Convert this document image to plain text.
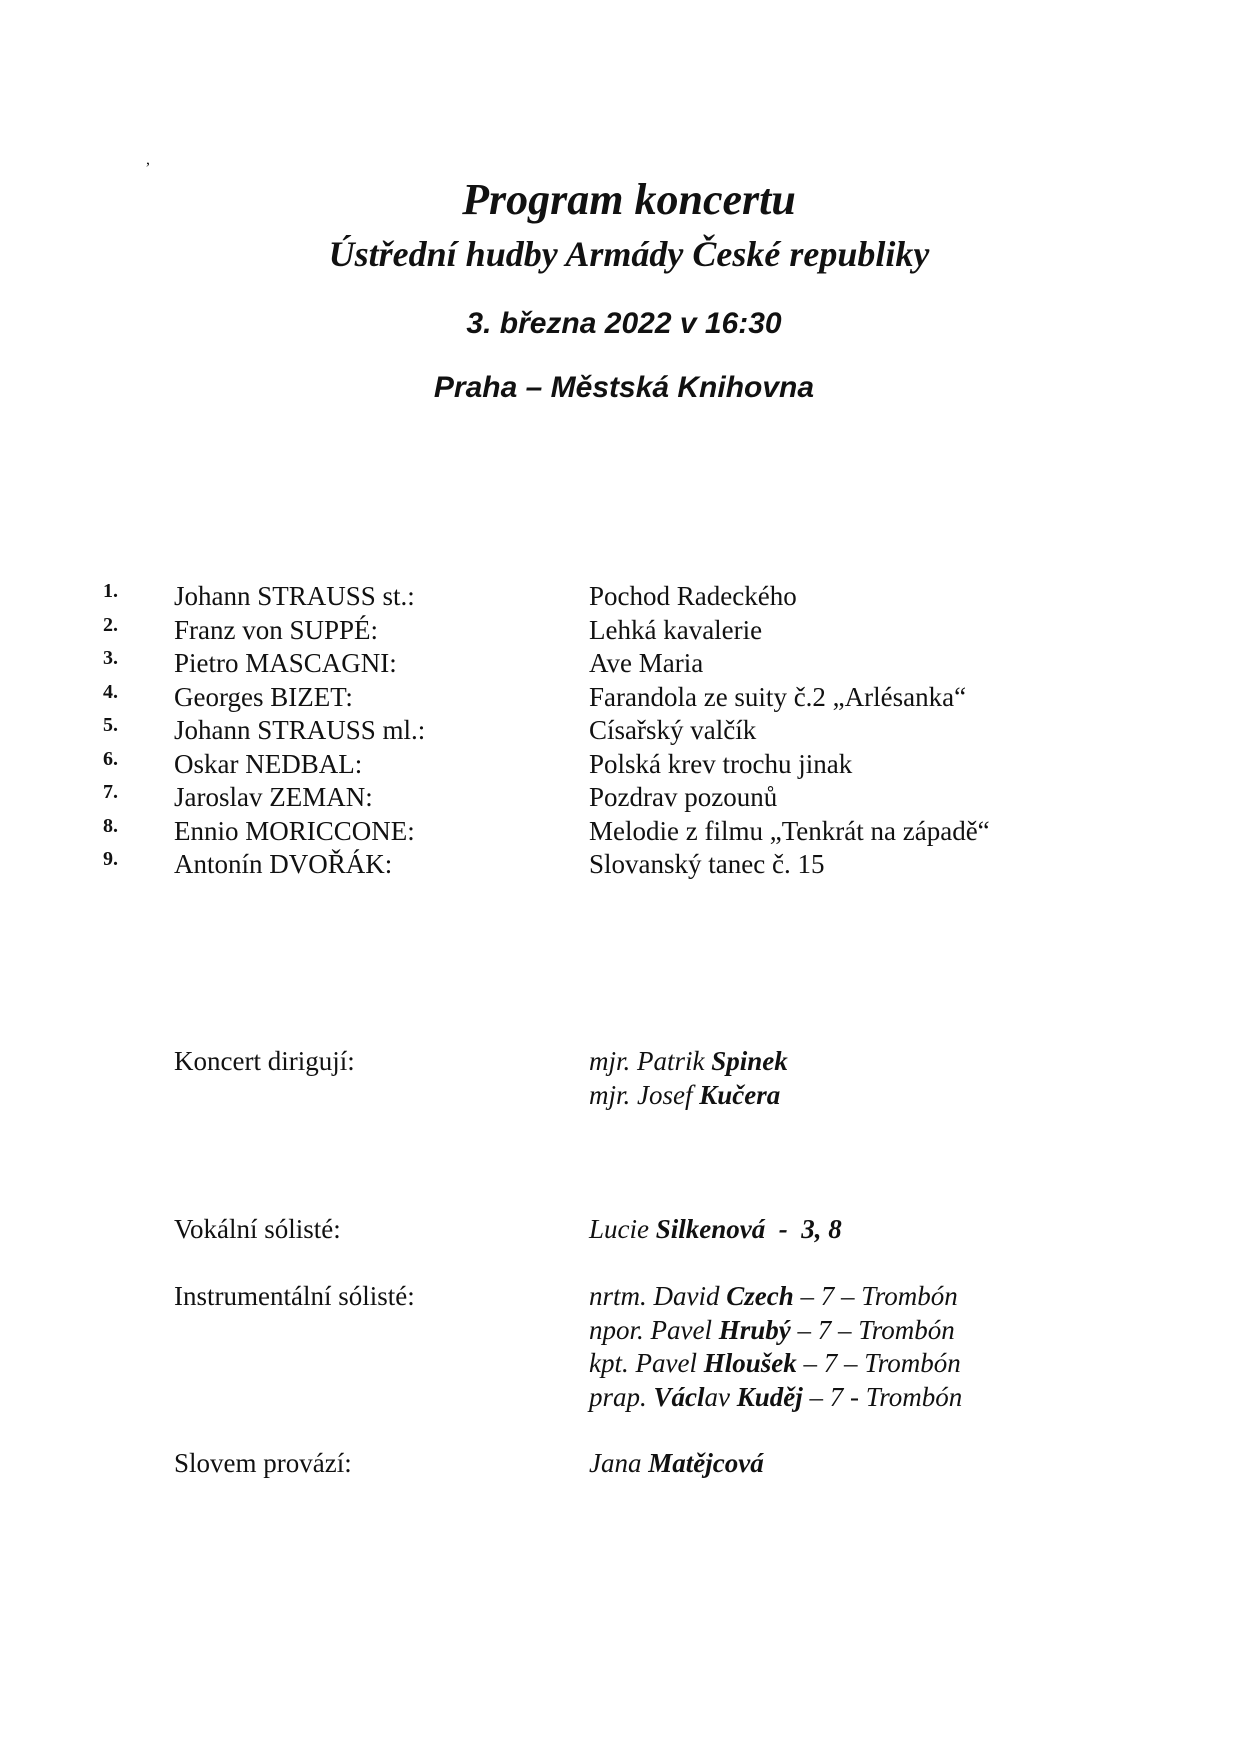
,
Program koncertu
Ústřední hudby Armády České republiky
3. března 2022 v 16:30
Praha – Městská Knihovna
1. Johann STRAUSS st.:	Pochod Radeckého
2. Franz von SUPPÉ:	Lehká kavalerie
3. Pietro MASCAGNI:	Ave Maria
4. Georges BIZET:	Farandola ze suity č.2 „Arlésanka“
5. Johann STRAUSS ml.:	Císařský valčík
6. Oskar NEDBAL:	Polská krev trochu jinak
7. Jaroslav ZEMAN:	Pozdrav pozounů
8. Ennio MORICCONE:	Melodie z filmu „Tenkrát na západě“
9. Antonín DVOŘÁK:	Slovanský tanec č. 15
Koncert dirigují:	mjr. Patrik Spinek
mjr. Josef Kučera
Vokální sólisté:	Lucie Silkenová  -  3, 8
Instrumentální sólisté:	nrtm. David Czech – 7 – Trombón
npor. Pavel Hrubý – 7 – Trombón
kpt. Pavel Hloušek – 7 – Trombón
prap. Václav Kuděj – 7 - Trombón
Slovem provází:	Jana Matějcová
